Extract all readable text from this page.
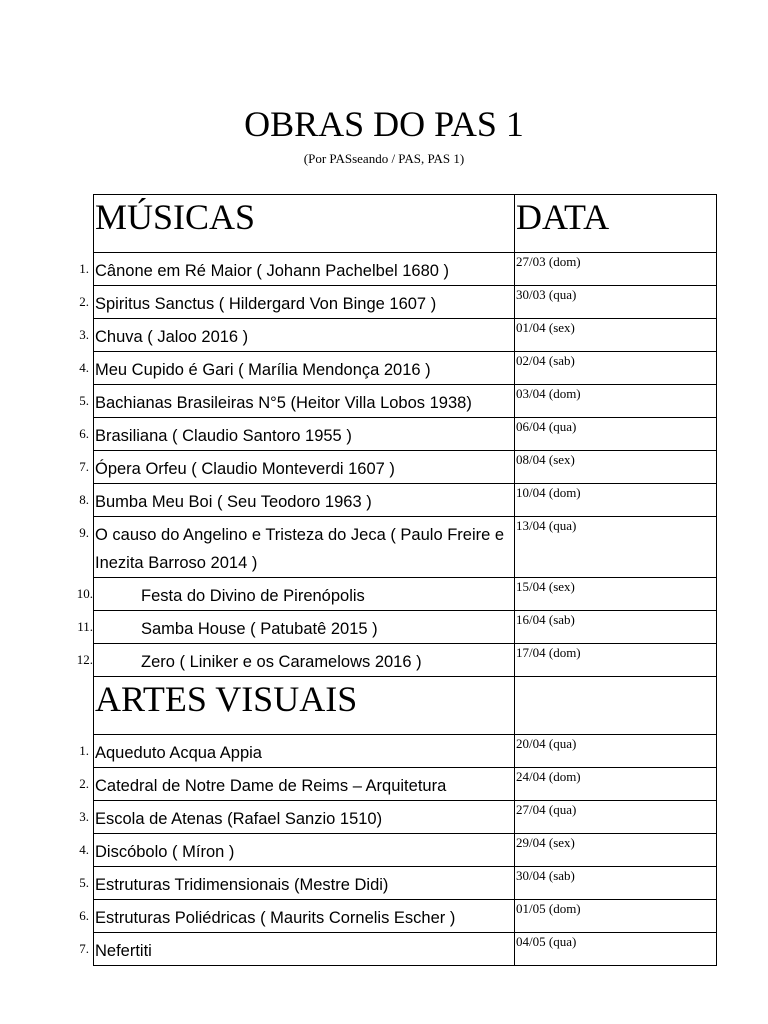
OBRAS DO PAS 1
(Por PASseando / PAS, PAS 1)
MÚSICAS	DATA

1. Cânone em Ré Maior ( Johann Pachelbel 1680 )	27/03 (dom)

2. Spiritus Sanctus ( Hildergard Von Binge 1607 )	30/03 (qua)

3. Chuva ( Jaloo 2016 )	01/04 (sex)

4. Meu Cupido é Gari ( Marília Mendonça 2016 )	02/04 (sab)

5. Bachianas Brasileiras N°5 (Heitor Villa Lobos 1938)	03/04 (dom)

6. Brasiliana ( Claudio Santoro 1955 )	06/04 (qua)

7. Ópera Orfeu ( Claudio Monteverdi 1607 )	08/04 (sex)

8. Bumba Meu Boi ( Seu Teodoro 1963 )	10/04 (dom)

9. O causo do Angelino e Tristeza do Jeca ( Paulo Freire e Inezita Barroso 2014 )	13/04 (qua)

10. Festa do Divino de Pirenópolis	15/04 (sex)

11. Samba House ( Patubatê 2015 )	16/04 (sab)

12. Zero ( Liniker e os Caramelows 2016 )	17/04 (dom)

ARTES VISUAIS	

1. Aqueduto Acqua Appia	20/04 (qua)

2. Catedral de Notre Dame de Reims – Arquitetura	24/04 (dom)

3. Escola de Atenas (Rafael Sanzio 1510)	27/04 (qua)

4. Discóbolo ( Míron )	29/04 (sex)

5. Estruturas Tridimensionais (Mestre Didi)	30/04 (sab)

6. Estruturas Poliédricas ( Maurits Cornelis Escher )	01/05 (dom)

7. Nefertiti	04/05 (qua)
